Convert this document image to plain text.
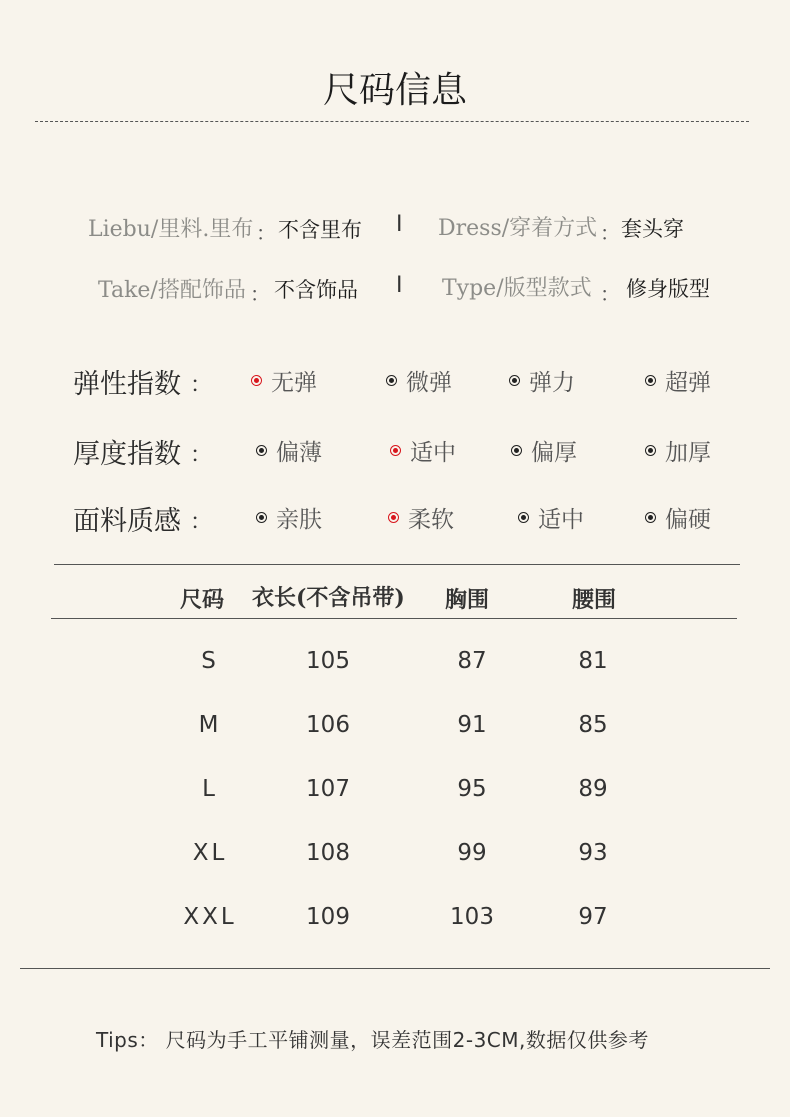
尺码信息
Liebu/里料.里布 ： 不含里布 I Dress/穿着方式 ： 套头穿
Take/搭配饰品 ： 不含饰品 I Type/版型款式 ： 修身版型
弹性指数 ：	无弹	微弹	弹力	超弹
厚度指数 ：	偏薄	适中	偏厚	加厚
面料质感 ：	亲肤	柔软	适中	偏硬
尺码 衣长(不含吊带) 胸围	腰围
S	105	87	81
M	106	91	85
L	107	95	89
XL	108	99	93
XXL	109	103	97
Tips： 尺码为手工平铺测量，误差范围2-3CM,数据仅供参考
